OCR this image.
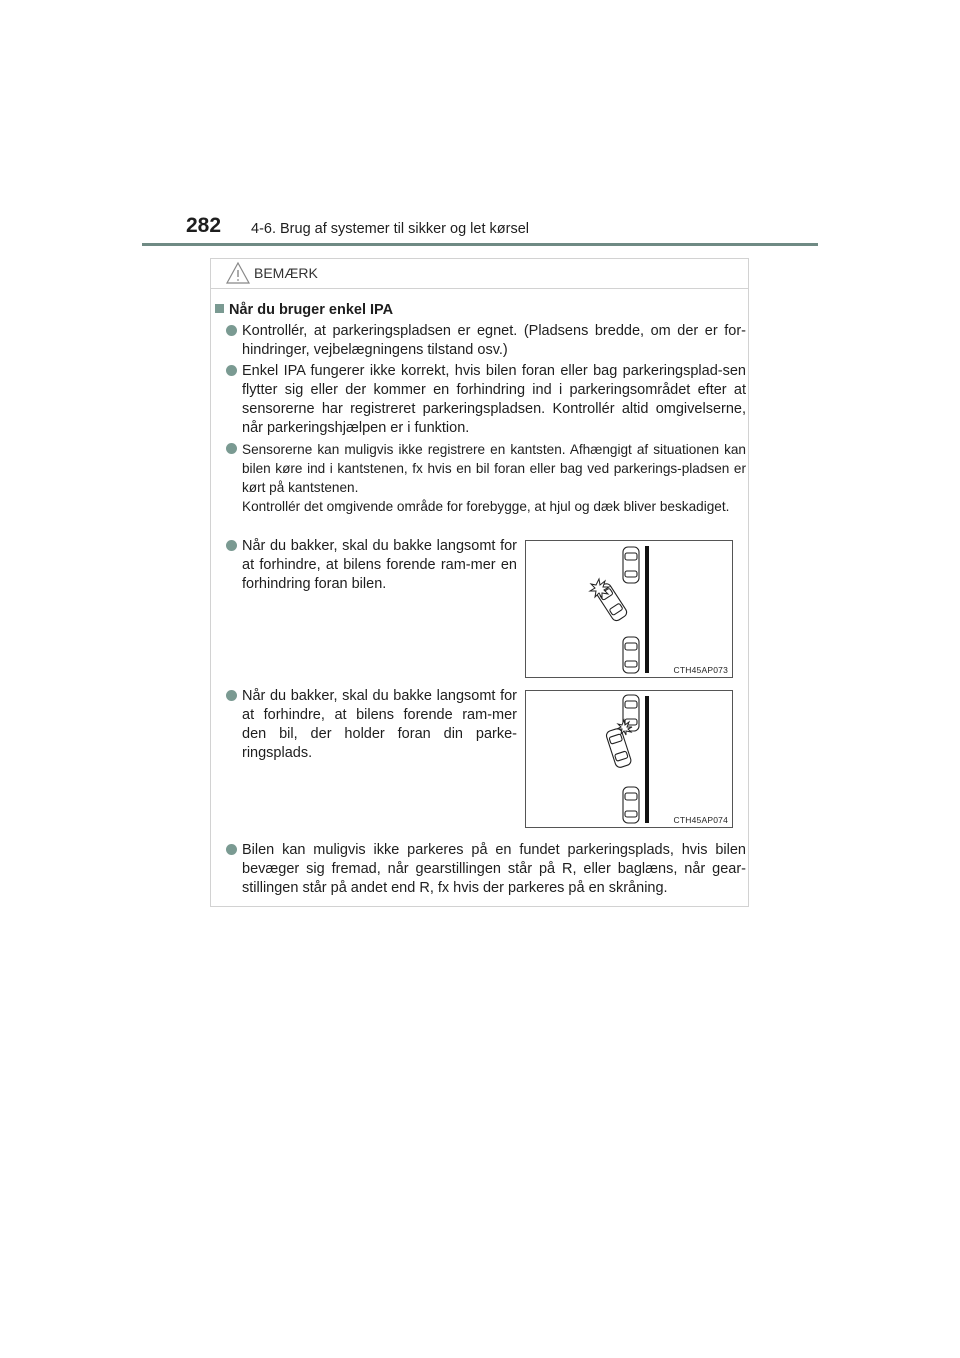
282 4-6. Brug af systemer til sikker og let kørsel
BEMÆRK
Når du bruger enkel IPA
Kontrollér, at parkeringspladsen er egnet. (Pladsens bredde, om der er for-hindringer, vejbelægningens tilstand osv.)
Enkel IPA fungerer ikke korrekt, hvis bilen foran eller bag parkeringsplad-sen flytter sig eller der kommer en forhindring ind i parkeringsområdet efter at sensorerne har registreret parkeringspladsen. Kontrollér altid omgivelserne, når parkeringshjælpen er i funktion.
Sensorerne kan muligvis ikke registrere en kantsten. Afhængigt af situationen kan bilen køre ind i kantstenen, fx hvis en bil foran eller bag ved parkerings-pladsen er kørt på kantstenen.
Kontrollér det omgivende område for forebygge, at hjul og dæk bliver beskadiget.
Når du bakker, skal du bakke langsomt for at forhindre, at bilens forende ram-mer en forhindring foran bilen.
Når du bakker, skal du bakke langsomt for at forhindre, at bilens forende ram-mer den bil, der holder foran din parke-ringsplads.
Bilen kan muligvis ikke parkeres på en fundet parkeringsplads, hvis bilen bevæger sig fremad, når gearstillingen står på R, eller baglæns, når gear-stillingen står på andet end R, fx hvis der parkeres på en skråning.
CTH45AP073
CTH45AP074
